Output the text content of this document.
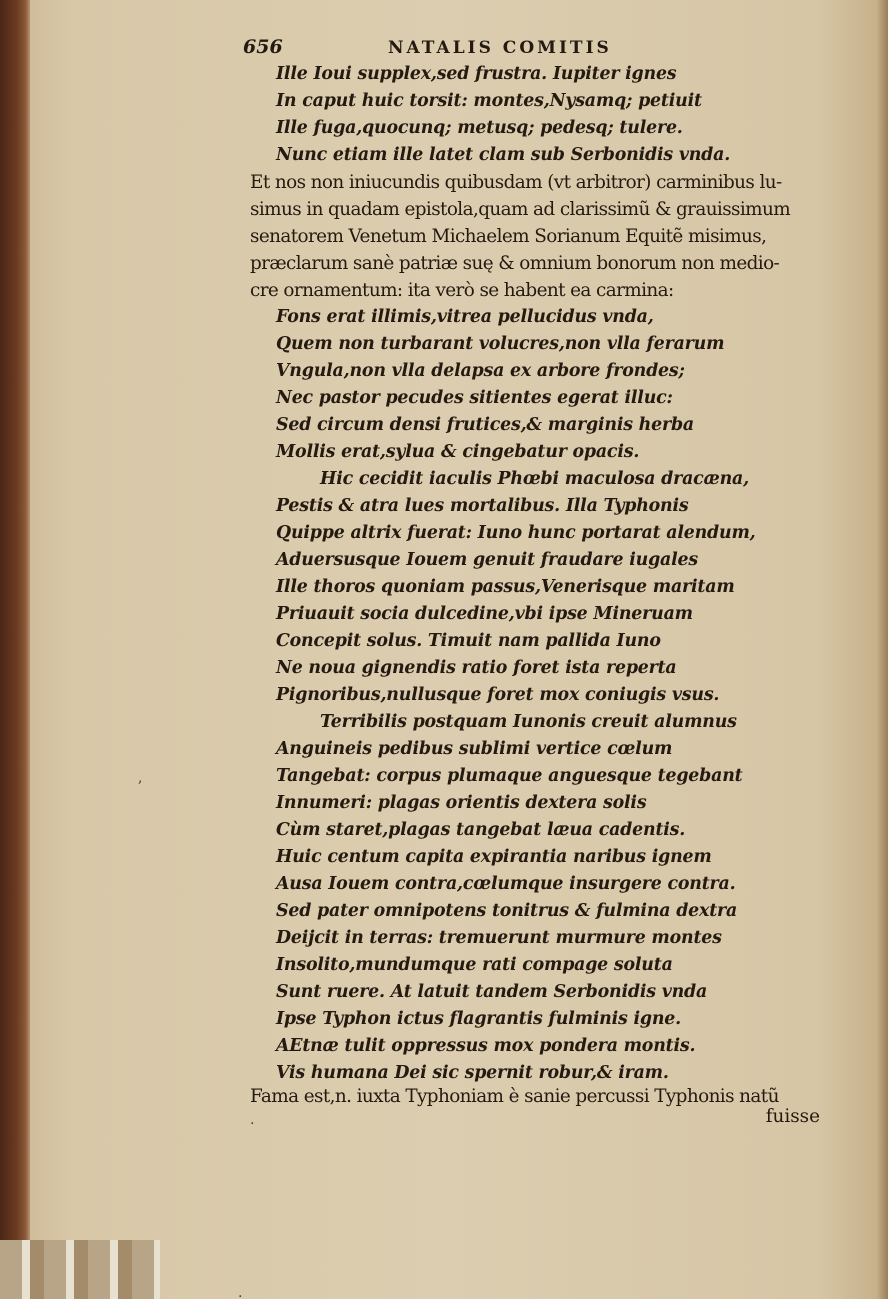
656	NATALIS COMITIS
Ille Ioui supplex,sed frustra. Iupiter ignes
In caput huic torsit: montes,Nysamq; petiuit
Ille fuga,quocunq; metusq; pedesq; tulere.
Nunc etiam ille latet clam sub Serbonidis vnda.
Et nos non iniucundis quibusdam (vt arbitror) carminibus lu-
simus in quadam epistola,quam ad clarissimũ & grauissimum
senatorem Venetum Michaelem Sorianum Equitẽ misimus,
præclarum sanè patriæ suę & omnium bonorum non medio-
cre ornamentum: ita verò se habent ea carmina:
Fons erat illimis,vitrea pellucidus vnda,
Quem non turbarant volucres,non vlla ferarum
Vngula,non vlla delapsa ex arbore frondes;
Nec pastor pecudes sitientes egerat illuc:
Sed circum densi frutices,& marginis herba
Mollis erat,sylua & cingebatur opacis.
Hic cecidit iaculis Phœbi maculosa dracæna,
Pestis & atra lues mortalibus. Illa Typhonis
Quippe altrix fuerat: Iuno hunc portarat alendum,
Aduersusque Iouem genuit fraudare iugales
Ille thoros quoniam passus,Venerisque maritam
Priuauit socia dulcedine,vbi ipse Mineruam
Concepit solus. Timuit nam pallida Iuno
Ne noua gignendis ratio foret ista reperta
Pignoribus,nullusque foret mox coniugis vsus.
Terribilis postquam Iunonis creuit alumnus
Anguineis pedibus sublimi vertice cœlum
Tangebat: corpus plumaque anguesque tegebant
Innumeri: plagas orientis dextera solis
Cùm staret,plagas tangebat læua cadentis.
Huic centum capita expirantia naribus ignem
Ausa Iouem contra,cœlumque insurgere contra.
Sed pater omnipotens tonitrus & fulmina dextra
Deijcit in terras: tremuerunt murmure montes
Insolito,mundumque rati compage soluta
Sunt ruere. At latuit tandem Serbonidis vnda
Ipse Typhon ictus flagrantis fulminis igne.
AEtnæ tulit oppressus mox pondera montis.
Vis humana Dei sic spernit robur,& iram.
Fama est,n. iuxta Typhoniam è sanie percussi Typhonis natũ
fuisse
,
.
.
